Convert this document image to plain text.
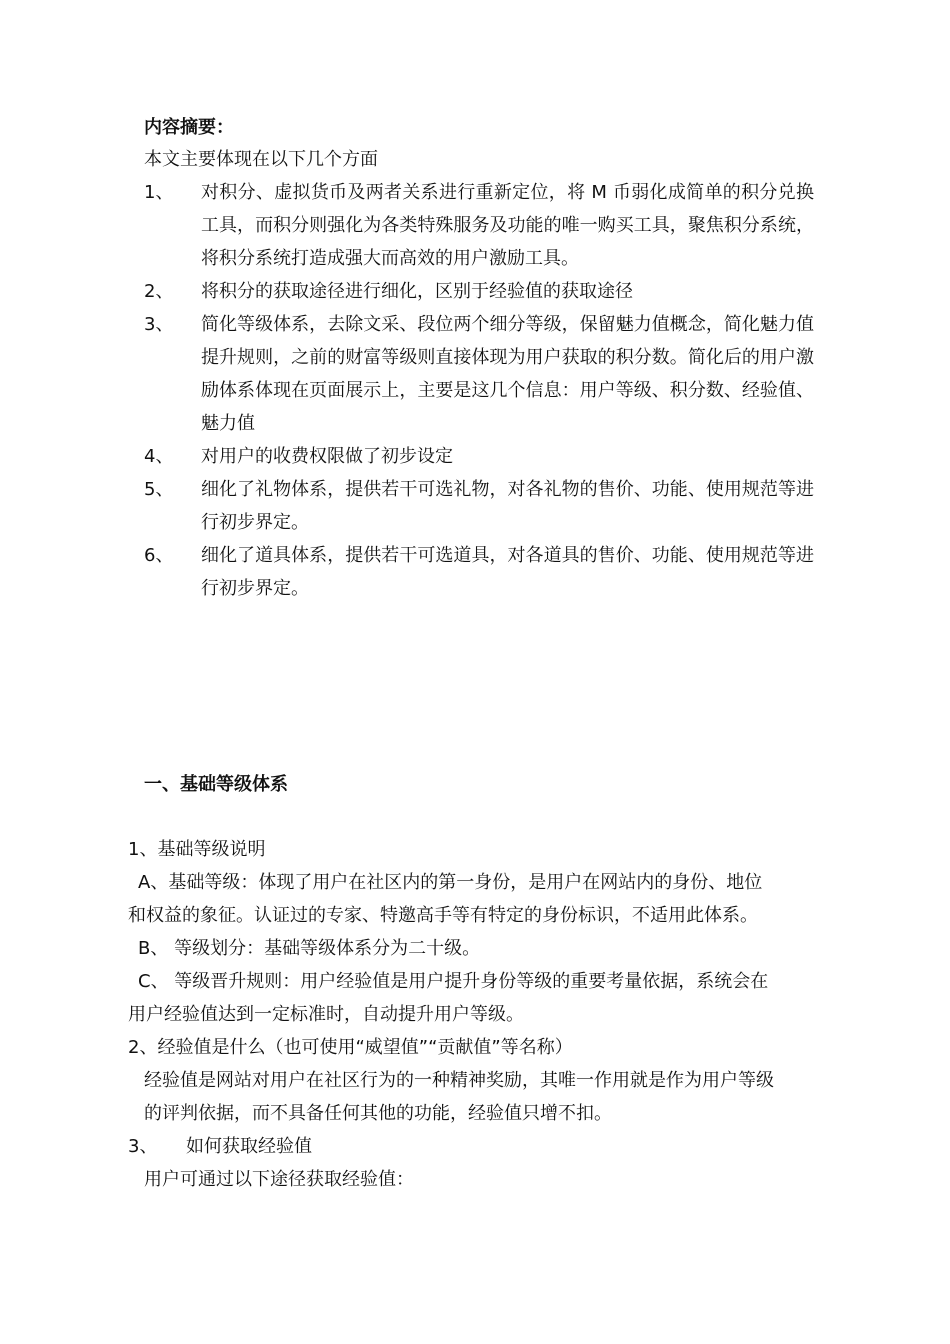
内容摘要：
本文主要体现在以下几个方面
1、 对积分、虚拟货币及两者关系进行重新定位，将 M 币弱化成简单的积分兑换工具，而积分则强化为各类特殊服务及功能的唯一购买工具，聚焦积分系统，将积分系统打造成强大而高效的用户激励工具。
2、 将积分的获取途径进行细化，区别于经验值的获取途径
3、 简化等级体系，去除文采、段位两个细分等级，保留魅力值概念，简化魅力值提升规则，之前的财富等级则直接体现为用户获取的积分数。简化后的用户激励体系体现在页面展示上，主要是这几个信息：用户等级、积分数、经验值、魅力值
4、 对用户的收费权限做了初步设定
5、 细化了礼物体系，提供若干可选礼物，对各礼物的售价、功能、使用规范等进行初步界定。
6、 细化了道具体系，提供若干可选道具，对各道具的售价、功能、使用规范等进行初步界定。
一、基础等级体系
1、基础等级说明
A、基础等级：体现了用户在社区内的第一身份，是用户在网站内的身份、地位
和权益的象征。认证过的专家、特邀高手等有特定的身份标识，不适用此体系。
B、 等级划分：基础等级体系分为二十级。
C、 等级晋升规则：用户经验值是用户提升身份等级的重要考量依据，系统会在
用户经验值达到一定标准时，自动提升用户等级。
2、经验值是什么（也可使用“威望值”“贡献值”等名称）
经验值是网站对用户在社区行为的一种精神奖励，其唯一作用就是作为用户等级
的评判依据，而不具备任何其他的功能，经验值只增不扣。
3、 如何获取经验值
用户可通过以下途径获取经验值：
